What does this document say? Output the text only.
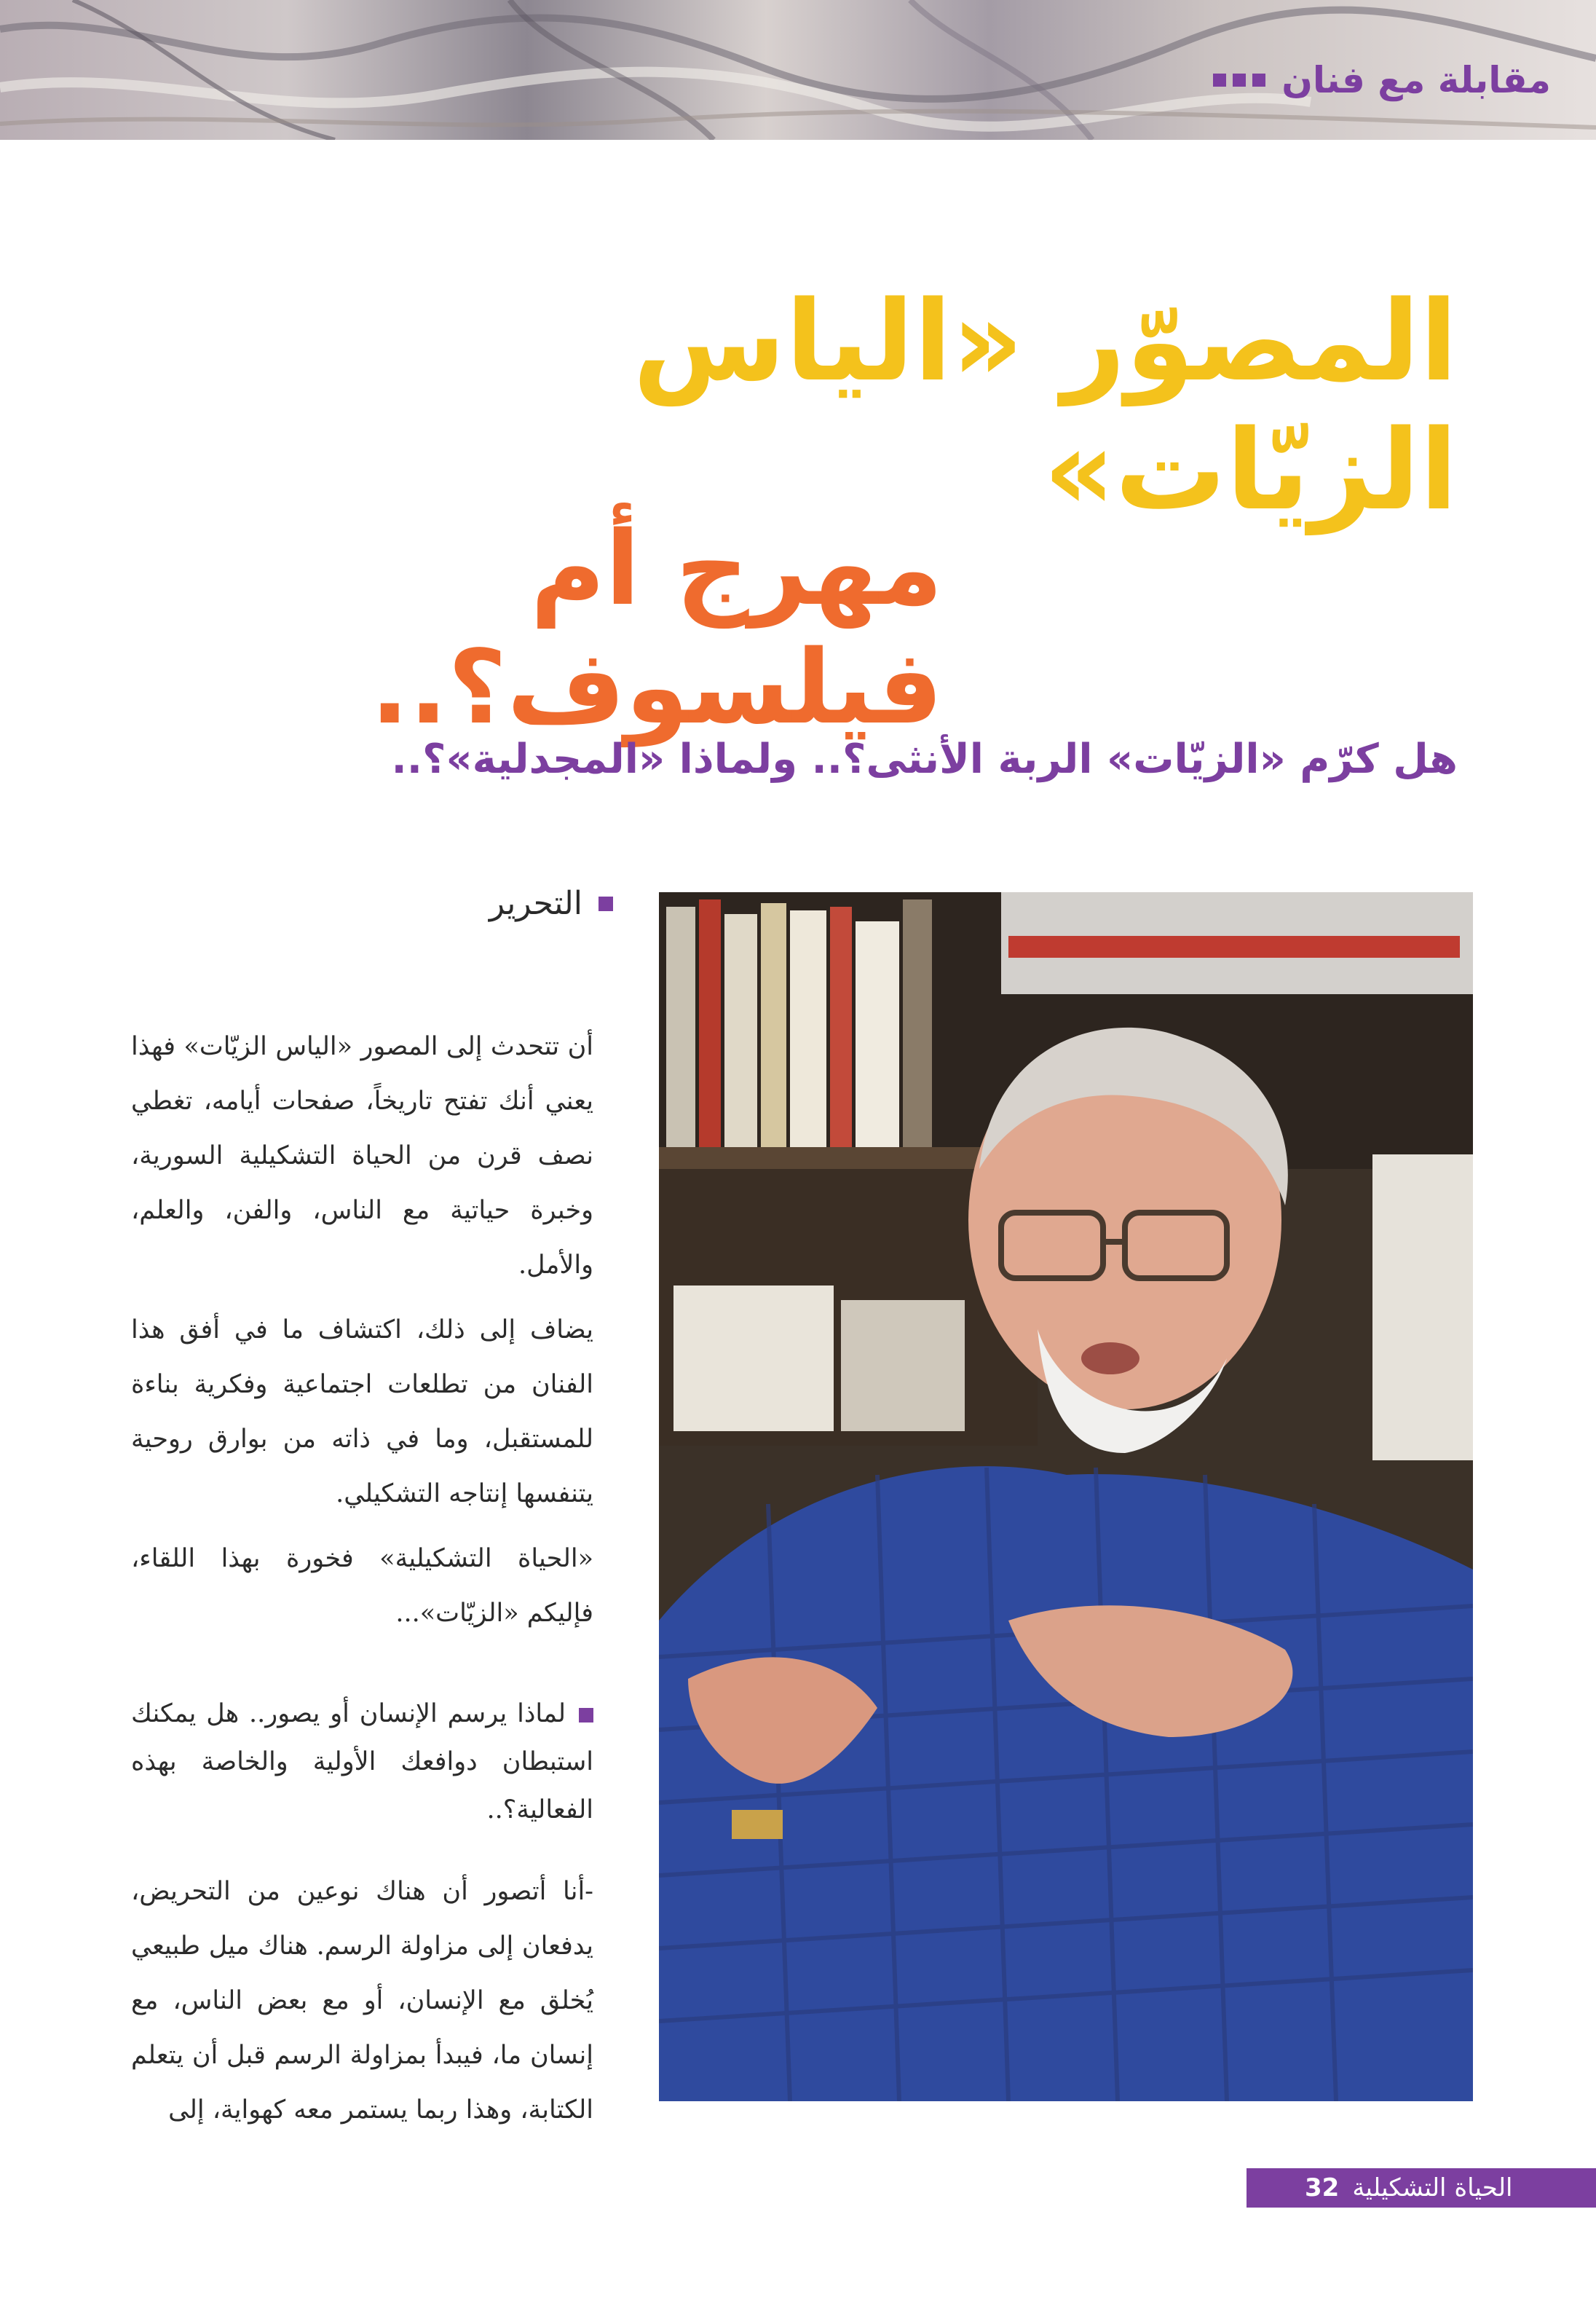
مقابلة مع فنان
المصوّر «الياس الزيّات»
مهرج أم فيلسوف؟..
هل كرّم «الزيّات» الربة الأنثى؟.. ولماذا «المجدلية»؟..
التحرير

أن تتحدث إلى المصور «الياس الزيّات» فهذا يعني أنك تفتح تاريخاً، صفحات أيامه، تغطي نصف قرن من الحياة التشكيلية السورية، وخبرة حياتية مع الناس، والفن، والعلم، والأمل.

يضاف إلى ذلك، اكتشاف ما في أفق هذا الفنان من تطلعات اجتماعية وفكرية بناءة للمستقبل، وما في ذاته من بوارق روحية يتنفسها إنتاجه التشكيلي.

«الحياة التشكيلية» فخورة بهذا اللقاء، فإليكم «الزيّات»...

لماذا يرسم الإنسان أو يصور.. هل يمكنك استبطان دوافعك الأولية والخاصة بهذه الفعالية؟..
-أنا أتصور أن هناك نوعين من التحريض، يدفعان إلى مزاولة الرسم. هناك ميل طبيعي يُخلق مع الإنسان، أو مع بعض الناس، مع إنسان ما، فيبدأ بمزاولة الرسم قبل أن يتعلم الكتابة، وهذا ربما يستمر معه كهواية، إلى
32 الحياة التشكيلية
